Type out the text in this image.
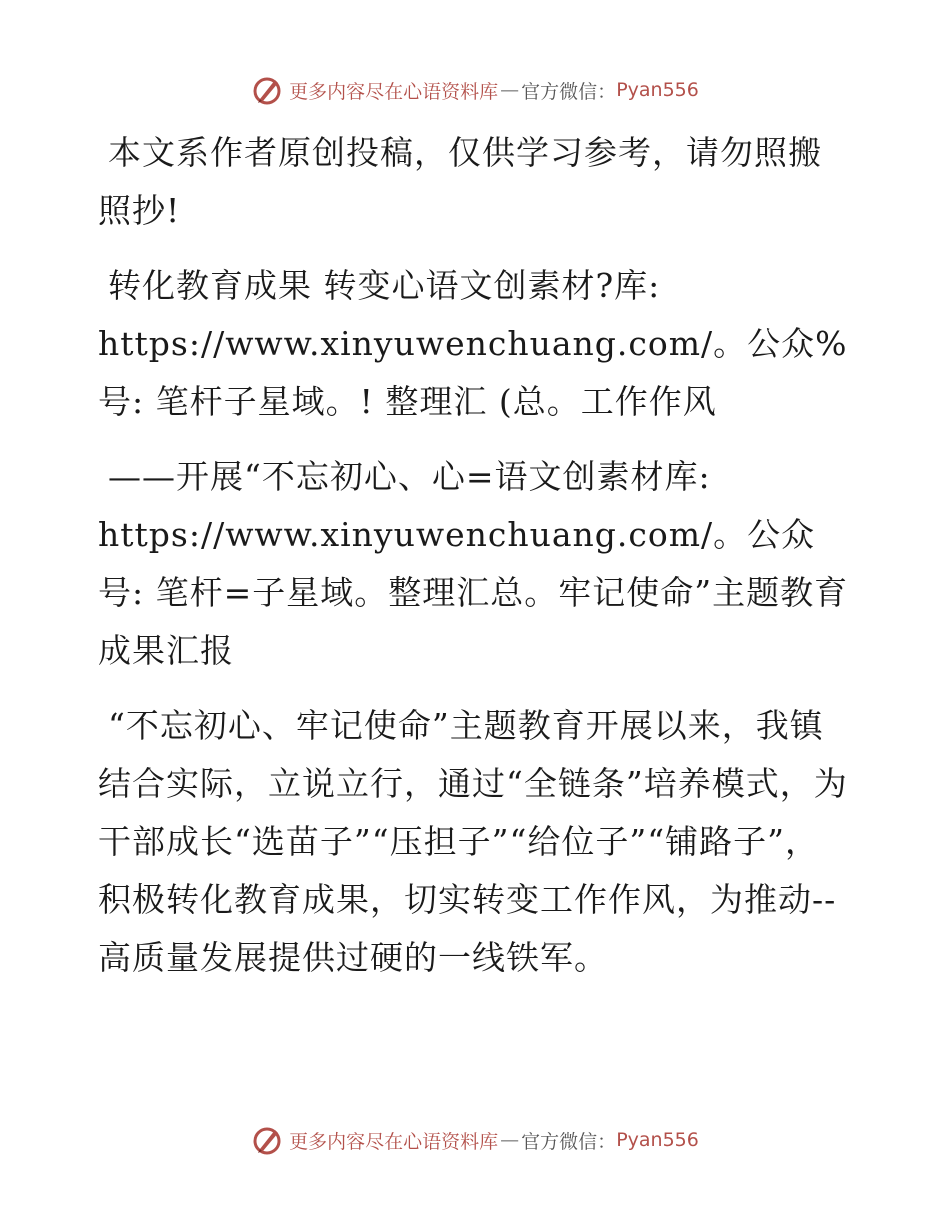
更多内容尽在心语资料库 — 官方微信： Pyan556

本文系作者原创投稿，仅供学习参考，请勿照搬照抄!

转化教育成果 转变心语文创素材?库: https://www.xinyuwenchuang.com/。公众%号: 笔杆子星域。! 整理汇 (总。工作作风

——开展“不忘初心、心=语文创素材库: https://www.xinyuwenchuang.com/。公众号: 笔杆=子星域。整理汇总。牢记使命”主题教育成果汇报

“不忘初心、牢记使命”主题教育开展以来，我镇结合实际，立说立行，通过“全链条”培养模式，为干部成长“选苗子”“压担子”“给位子”“铺路子”，积极转化教育成果，切实转变工作作风，为推动--高质量发展提供过硬的一线铁军。

更多内容尽在心语资料库 — 官方微信： Pyan556
